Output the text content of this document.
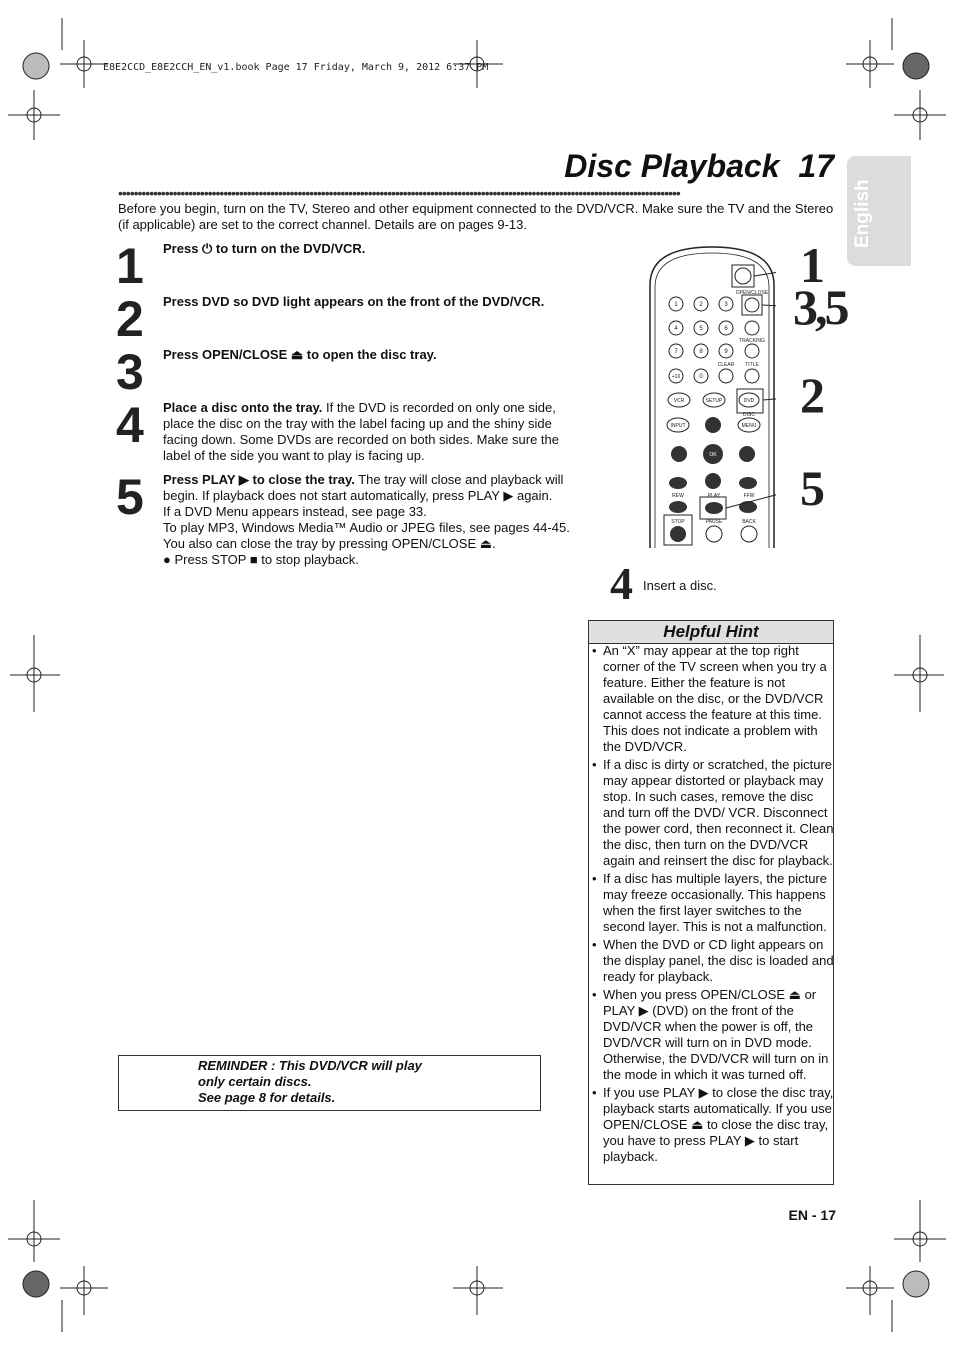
E8E2CCD_E8E2CCH_EN_v1.book Page 17 Friday, March 9, 2012 6:37 PM
Disc Playback 17
••••••••••••••••••••••••••••••••••••••••••••••••••••••••••••••••••••••••••••••••••••••••••••••••••••••••••••••••••••••••••••••••••••••••••••••••	English
Before you begin, turn on the TV, Stereo and other equipment connected to the DVD/VCR. Make sure the TV and the Stereo (if applicable) are set to the correct channel. Details are on pages 9-13.
1 Press ⏻ to turn on the DVD/VCR.
2 Press DVD so DVD light appears on the front of the DVD/VCR.
3 Press OPEN/CLOSE ⏏ to open the disc tray.
4 Place a disc onto the tray. If the DVD is recorded on only one side, place the disc on the tray with the label facing up and the shiny side facing down. Some DVDs are recorded on both sides. Make sure the label of the side you want to play is facing up.
5 Press PLAY ▶ to close the tray. The tray will close and playback will begin. If playback does not start automatically, press PLAY ▶ again.
If a DVD Menu appears instead, see page 33.
To play MP3, Windows Media™ Audio or JPEG files, see pages 44-45.
You also can close the tray by pressing OPEN/CLOSE ⏏.
● Press STOP ■ to stop playback.
OPEN/CLOSE
1	2	3
4	5	6
TRACKING
7	8	9
CLEAR TITLE
+10	0
VCR	SETUP	DVD
DISC
INPUT	MENU
OK
REW	PLAY	FFW
STOP	PAUSE	BACK
1
3,5
2
5
4 Insert a disc.
Helpful Hint
• An “X” may appear at the top right corner of the TV screen when you try a feature. Either the feature is not available on the disc, or the DVD/VCR cannot access the feature at this time. This does not indicate a problem with the DVD/VCR.
• If a disc is dirty or scratched, the picture may appear distorted or playback may stop. In such cases, remove the disc and turn off the DVD/ VCR. Disconnect the power cord, then reconnect it. Clean the disc, then turn on the DVD/VCR again and reinsert the disc for playback.
• If a disc has multiple layers, the picture may freeze occasionally. This happens when the first layer switches to the second layer. This is not a malfunction.
• When the DVD or CD light appears on the display panel, the disc is loaded and ready for playback.
• When you press OPEN/CLOSE ⏏ or PLAY ▶ (DVD) on the front of the DVD/VCR when the power is off, the DVD/VCR will turn on in DVD mode. Otherwise, the DVD/VCR will turn on in the mode in which it was turned off.
• If you use PLAY ▶ to close the disc tray, playback starts automatically. If you use OPEN/CLOSE ⏏ to close the disc tray, you have to press PLAY ▶ to start playback.
REMINDER : This DVD/VCR will play
only certain discs.
See page 8 for details.
EN - 17
